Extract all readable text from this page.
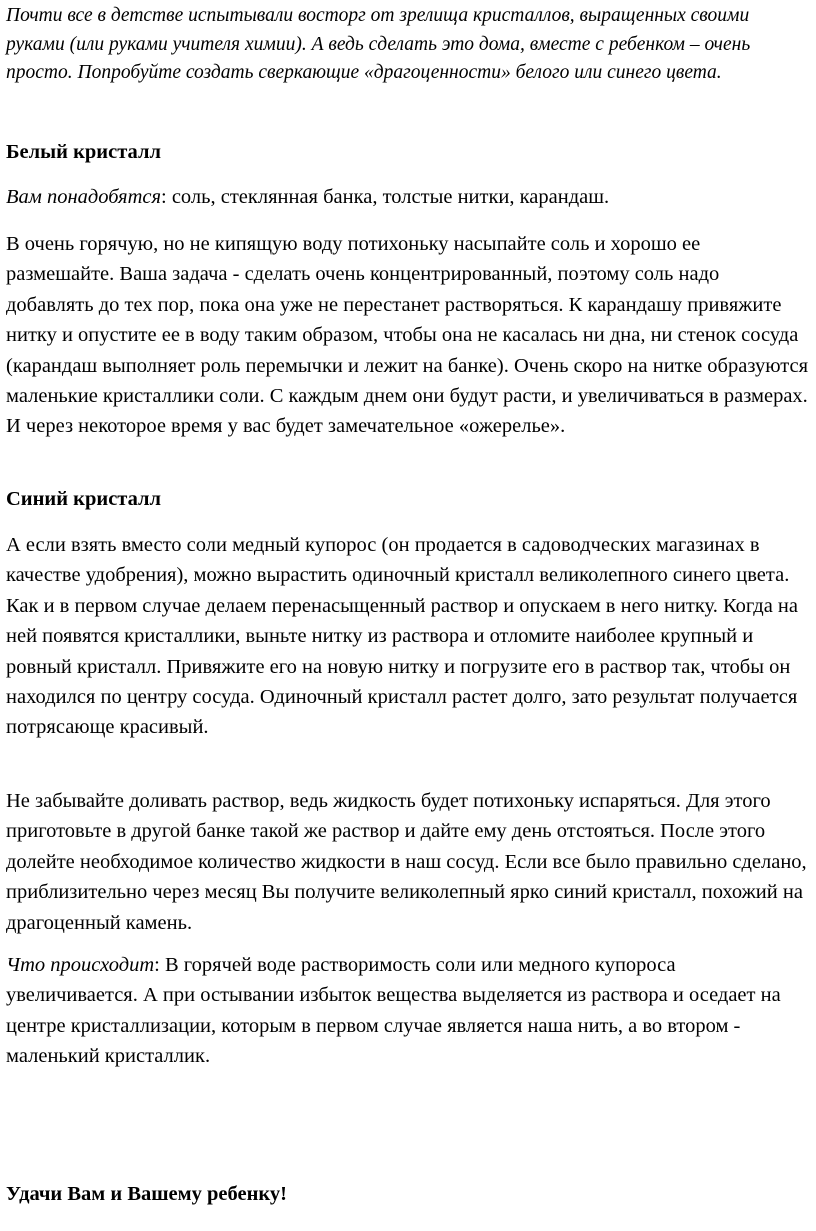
Почти все в детстве испытывали восторг от зрелища кристаллов, выращенных своими руками (или руками учителя химии). А ведь сделать это дома, вместе с ребенком – очень просто. Попробуйте создать сверкающие «драгоценности» белого или синего цвета.

Белый кристалл

Вам понадобятся: соль, стеклянная банка, толстые нитки, карандаш.

В очень горячую, но не кипящую воду потихоньку насыпайте соль и хорошо ее размешайте. Ваша задача - сделать очень концентрированный, поэтому соль надо добавлять до тех пор, пока она уже не перестанет растворяться. К карандашу привяжите нитку и опустите ее в воду таким образом, чтобы она не касалась ни дна, ни стенок сосуда (карандаш выполняет роль перемычки и лежит на банке). Очень скоро на нитке образуются маленькие кристаллики соли. С каждым днем они будут расти, и увеличиваться в размерах. И через некоторое время у вас будет замечательное «ожерелье».

Синий кристалл

А если взять вместо соли медный купорос (он продается в садоводческих магазинах в качестве удобрения), можно вырастить одиночный кристалл великолепного синего цвета. Как и в первом случае делаем перенасыщенный раствор и опускаем в него нитку. Когда на ней появятся кристаллики, выньте нитку из раствора и отломите наиболее крупный и ровный кристалл. Привяжите его на новую нитку и погрузите его в раствор так, чтобы он находился по центру сосуда. Одиночный кристалл растет долго, зато результат получается потрясающе красивый.

Не забывайте доливать раствор, ведь жидкость будет потихоньку испаряться. Для этого приготовьте в другой банке такой же раствор и дайте ему день отстояться. После этого долейте необходимое количество жидкости в наш сосуд. Если все было правильно сделано, приблизительно через месяц Вы получите великолепный ярко синий кристалл, похожий на драгоценный камень.

Что происходит: В горячей воде растворимость соли или медного купороса увеличивается. А при остывании избыток вещества выделяется из раствора и оседает на центре кристаллизации, которым в первом случае является наша нить, а во втором - маленький кристаллик.

Удачи Вам и Вашему ребенку!
